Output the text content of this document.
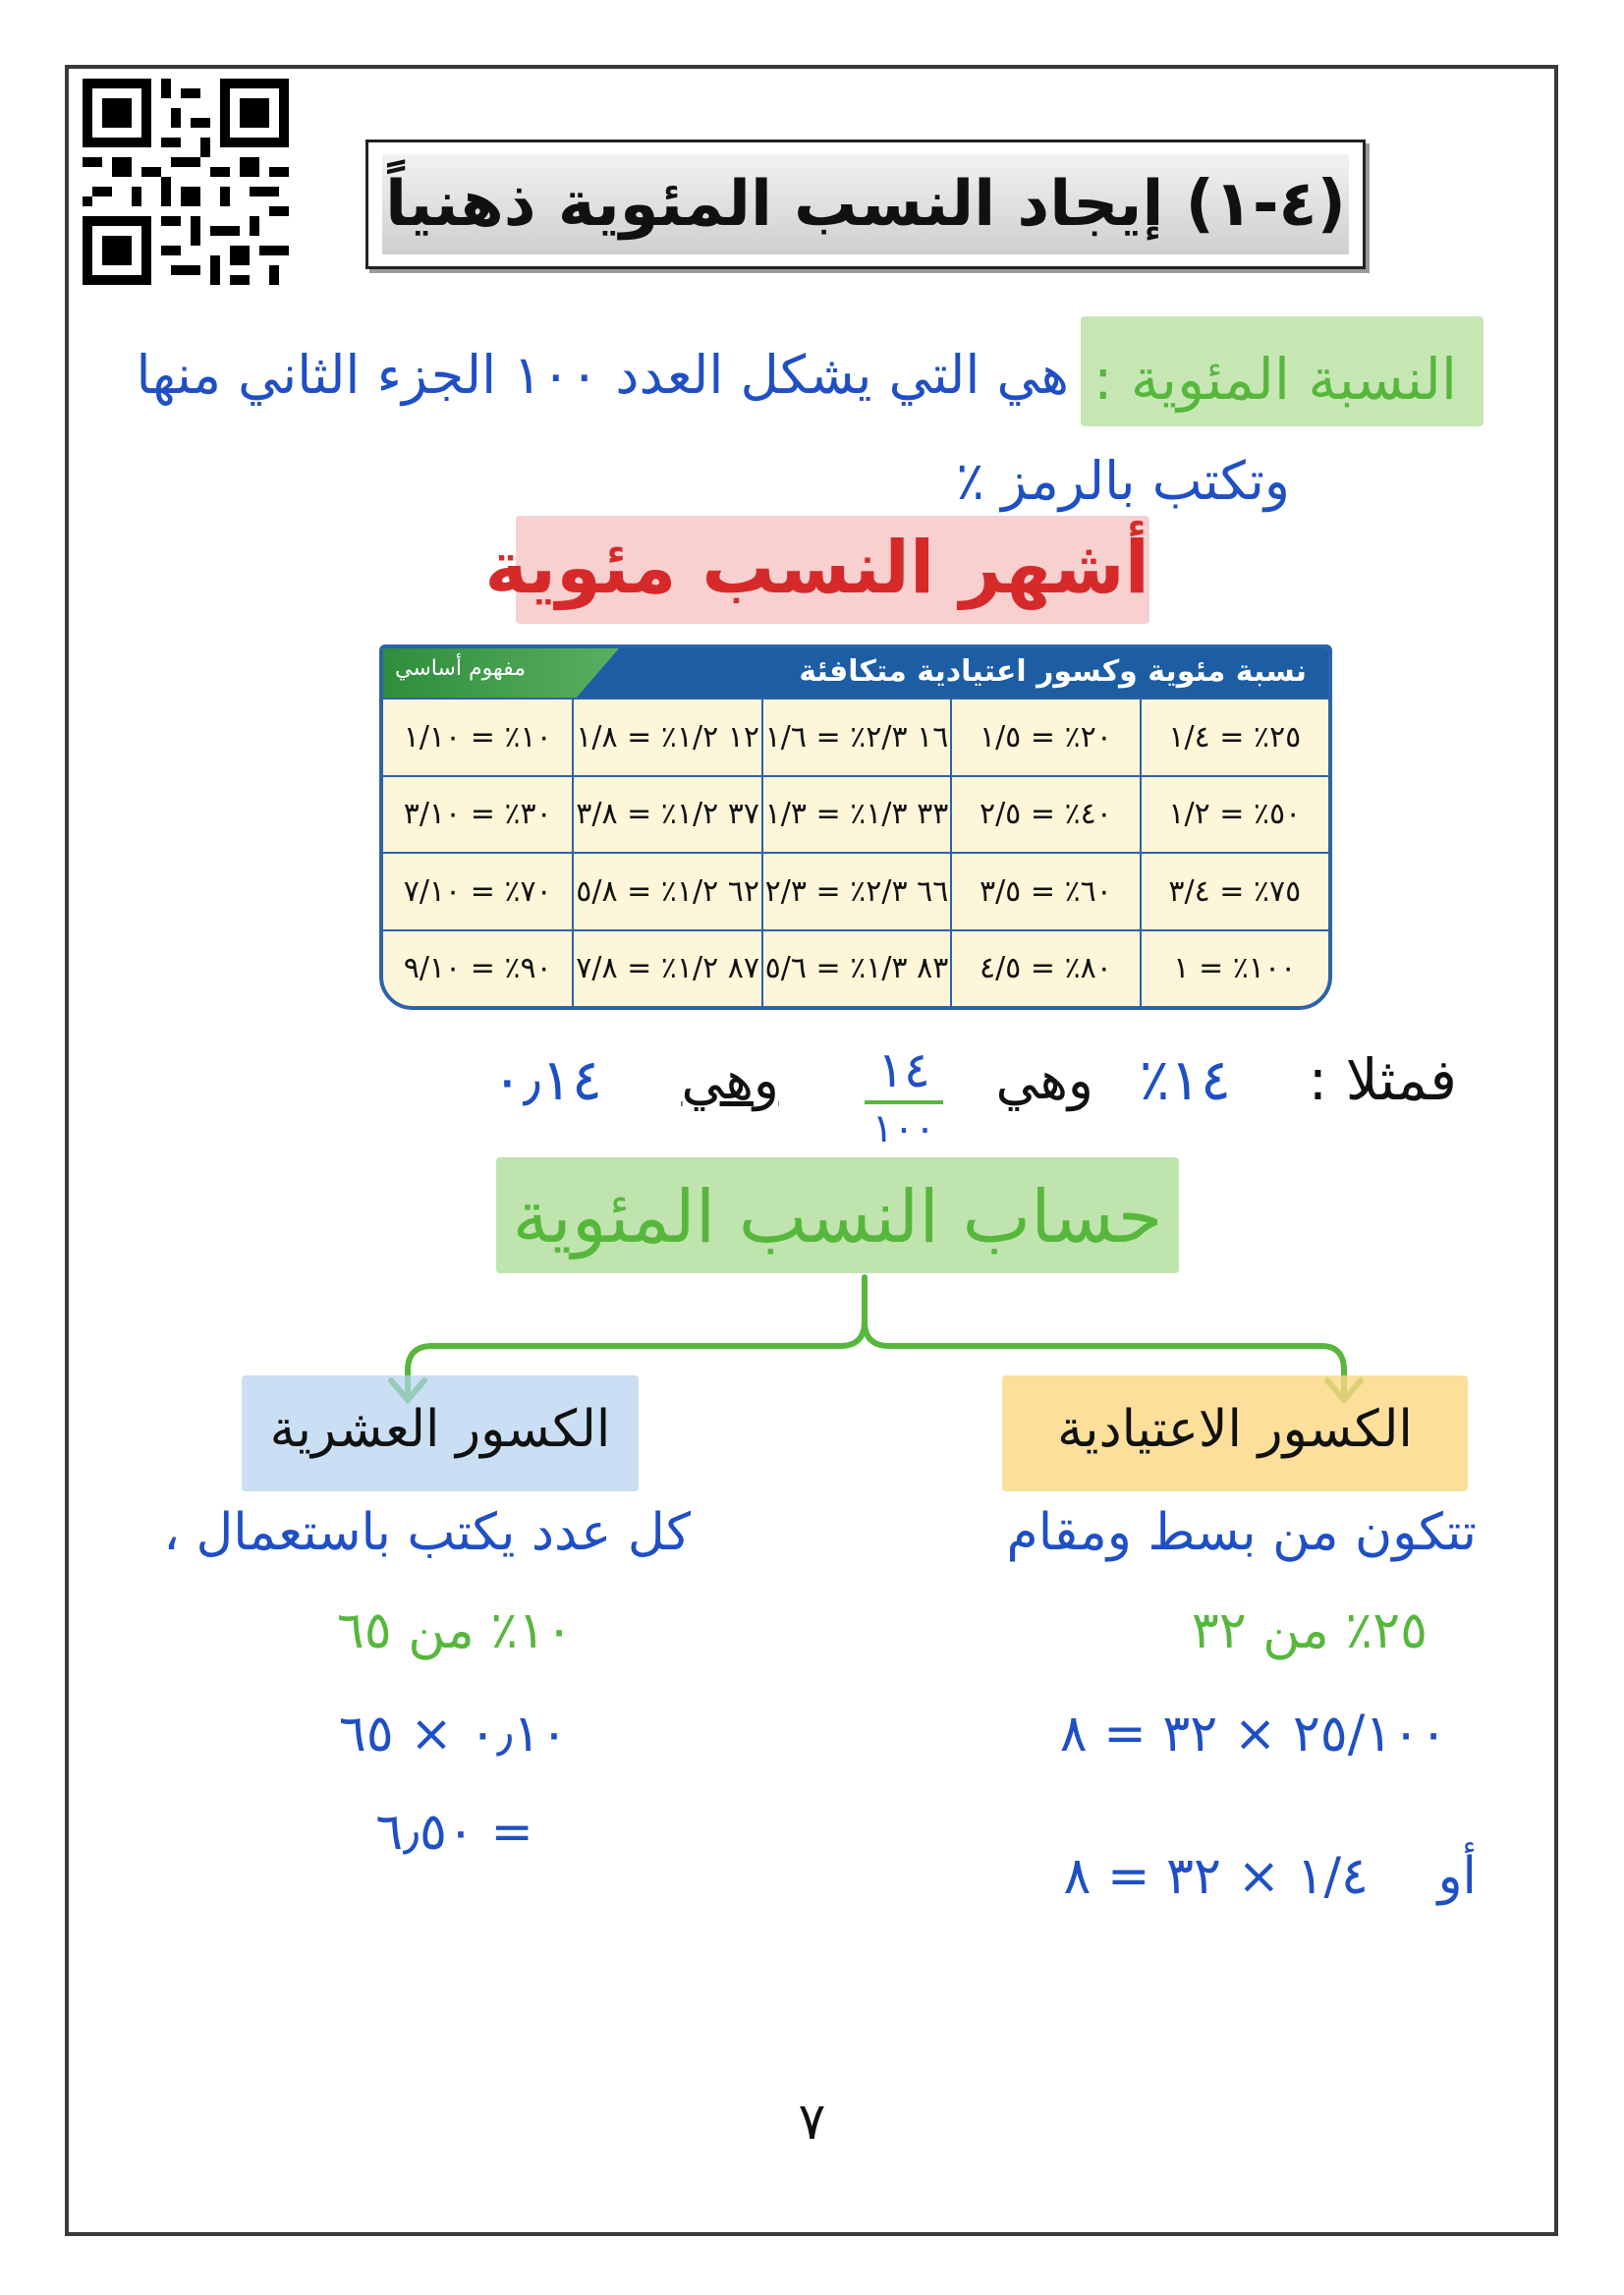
(٤-١) إيجاد النسب المئوية ذهنياً
النسبة المئوية :
هي التي يشكل العدد ١٠٠ الجزء الثاني منها
وتكتب بالرمز ٪
أشهر النسب مئوية
مفهوم أساسي	نسبة مئوية وكسور اعتيادية متكافئة
٢٥٪ = ١/٤
٢٠٪ = ١/٥
١٦ ٢/٣٪ = ١/٦
١٢ ١/٢٪ = ١/٨
١٠٪ = ١/١٠
٥٠٪ = ١/٢
٤٠٪ = ٢/٥
٣٣ ١/٣٪ = ١/٣
٣٧ ١/٢٪ = ٣/٨
٣٠٪ = ٣/١٠
٧٥٪ = ٣/٤
٦٠٪ = ٣/٥
٦٦ ٢/٣٪ = ٢/٣
٦٢ ١/٢٪ = ٥/٨
٧٠٪ = ٧/١٠
١٠٠٪ = ١
٨٠٪ = ٤/٥
٨٣ ١/٣٪ = ٥/٦
٨٧ ١/٢٪ = ٧/٨
٩٠٪ = ٩/١٠
فمثلا :
١٤٪
وهي
١٤
١٠٠
وهي
٠٫١٤
حساب النسب المئوية
الكسور العشرية
كل عدد يكتب باستعمال ،
١٠٪ من ٦٥
٠٫١٠ × ٦٥
= ٦٫٥٠
الكسور الاعتيادية
تتكون من بسط ومقام
٢٥٪ من ٣٢
٢٥/١٠٠ × ٣٢ = ٨
أو
١/٤ × ٣٢ = ٨
٧
